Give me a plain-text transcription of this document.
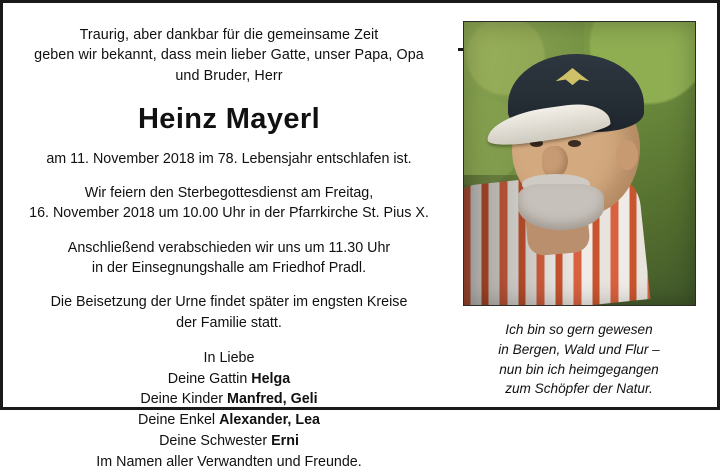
Traurig, aber dankbar für die gemeinsame Zeit
geben wir bekannt, dass mein lieber Gatte, unser Papa, Opa
und Bruder, Herr
Heinz Mayerl
am 11. November 2018 im 78. Lebensjahr entschlafen ist.
Wir feiern den Sterbegottesdienst am Freitag,
16. November 2018 um 10.00 Uhr in der Pfarrkirche St. Pius X.
Anschließend verabschieden wir uns um 11.30 Uhr
in der Einsegnungshalle am Friedhof Pradl.
Die Beisetzung der Urne findet später im engsten Kreise
der Familie statt.
In Liebe
Deine Gattin Helga
Deine Kinder Manfred, Geli
Deine Enkel Alexander, Lea
Deine Schwester Erni
Im Namen aller Verwandten und Freunde.
Ich bin so gern gewesen
in Bergen, Wald und Flur –
nun bin ich heimgegangen
zum Schöpfer der Natur.
